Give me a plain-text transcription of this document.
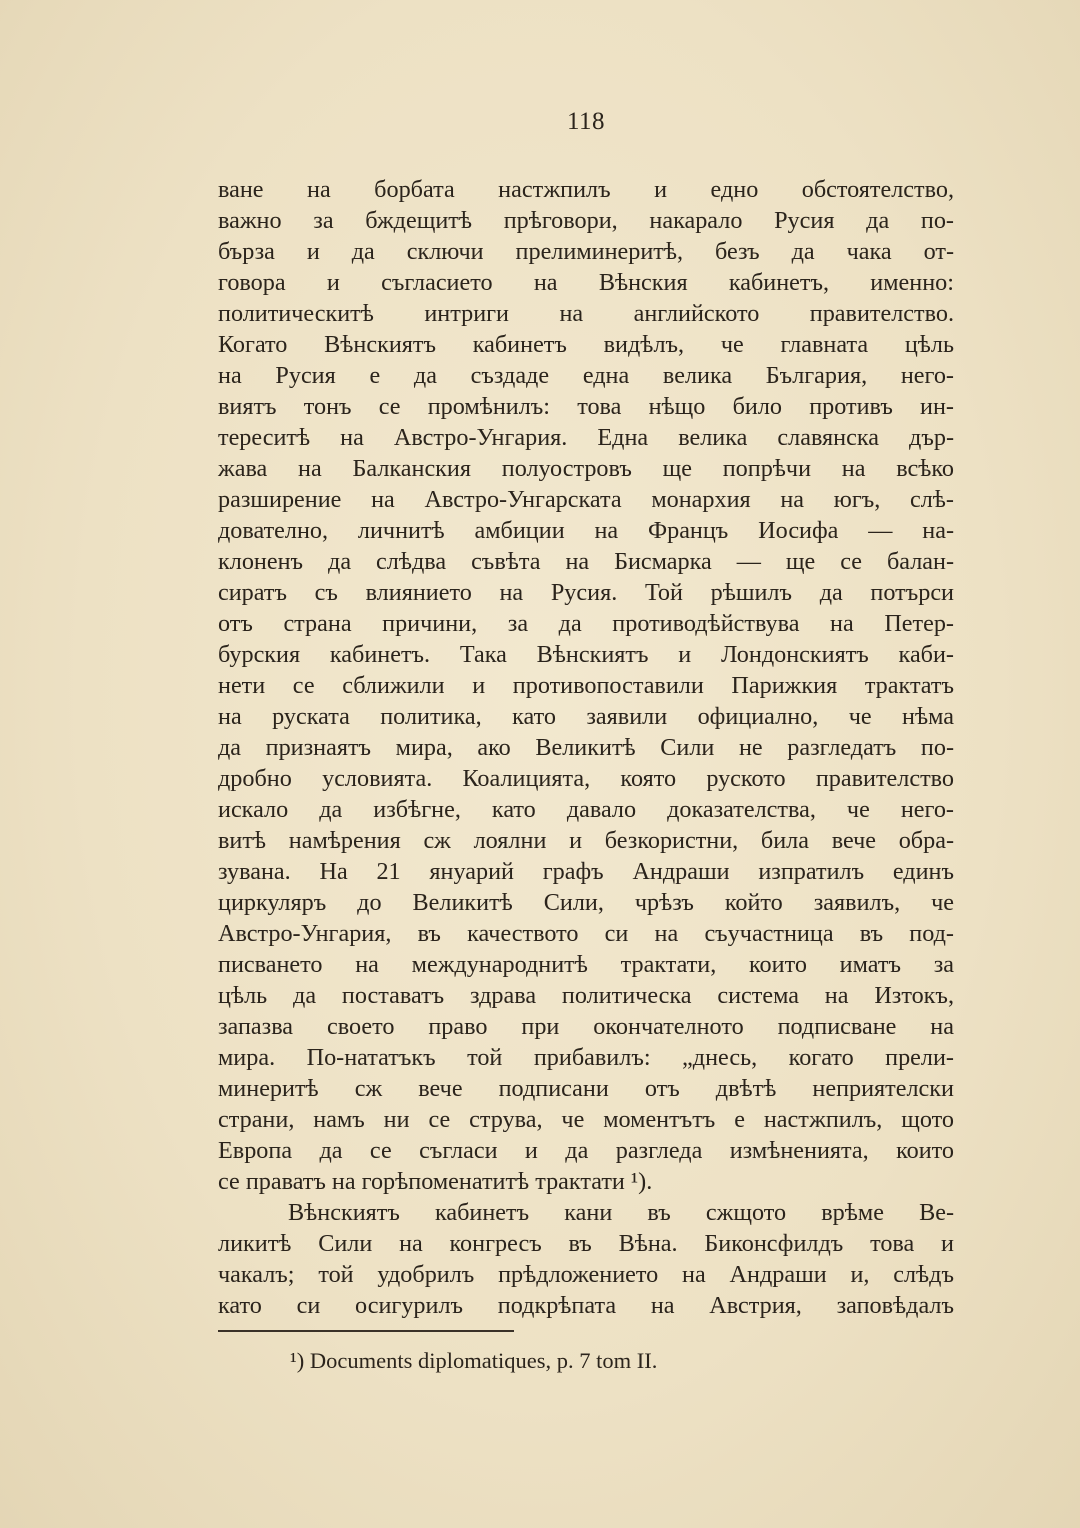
118
ване на борбата настжпилъ и едно обстоятелство,
важно за бждещитѣ прѣговори, накарало Русия да по-
бърза и да сключи прелиминеритѣ, безъ да чака от-
говора и съгласието на Вѣнския кабинетъ, именно:
политическитѣ интриги на английското правителство.
Когато Вѣнскиятъ кабинетъ видѣлъ, че главната цѣль
на Русия е да създаде една велика България, него-
виятъ тонъ се промѣнилъ: това нѣщо било противъ ин-
тереситѣ на Австро-Унгария. Една велика славянска дър-
жава на Балканския полуостровъ ще попрѣчи на всѣко
разширение на Австро-Унгарската монархия на югъ, слѣ-
дователно, личнитѣ амбиции на Францъ Иосифа — на-
клоненъ да слѣдва съвѣта на Бисмарка — ще се балан-
сиратъ съ влиянието на Русия. Той рѣшилъ да потърси
отъ страна причини, за да противодѣйствува на Петер-
бурския кабинетъ. Така Вѣнскиятъ и Лондонскиятъ каби-
нети се сближили и противопоставили Парижкия трактатъ
на руската политика, като заявили официално, че нѣма
да признаятъ мира, ако Великитѣ Сили не разгледатъ по-
дробно условията. Коалицията, която руското правителство
искало да избѣгне, като давало доказателства, че него-
витѣ намѣрения сж лоялни и безкористни, била вече обра-
зувана. На 21 януарий графъ Андраши изпратилъ единъ
циркуляръ до Великитѣ Сили, чрѣзъ който заявилъ, че
Австро-Унгария, въ качеството си на съучастница въ под-
писването на международнитѣ трактати, които иматъ за
цѣль да поставатъ здрава политическа система на Изтокъ,
запазва своето право при окончателното подписване на
мира. По-нататъкъ той прибавилъ: „днесь, когато прели-
минеритѣ сж вече подписани отъ двѣтѣ неприятелски
страни, намъ ни се струва, че моментътъ е настжпилъ, щото
Европа да се съгласи и да разгледа измѣненията, които
се праватъ на горѣпоменатитѣ трактати ¹).
Вѣнскиятъ кабинетъ кани въ сжщото врѣме Ве-
ликитѣ Сили на конгресъ въ Вѣна. Биконсфилдъ това и
чакалъ; той удобрилъ прѣдложението на Андраши и, слѣдъ
като си осигурилъ подкрѣпата на Австрия, заповѣдалъ
¹) Documents diplomatiques, p. 7 tom II.
